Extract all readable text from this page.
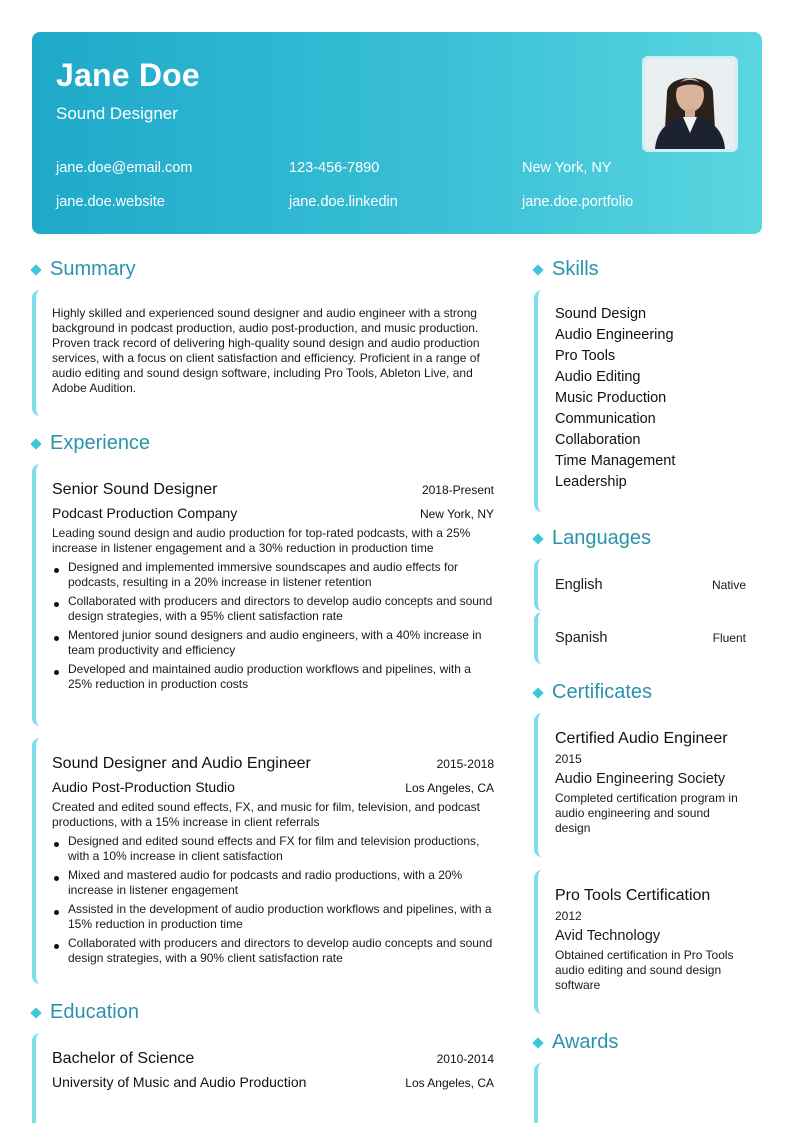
Jane Doe
Sound Designer
jane.doe@email.com	123-456-7890	New York, NY
jane.doe.website	jane.doe.linkedin	jane.doe.portfolio
Summary
Highly skilled and experienced sound designer and audio engineer with a strong background in podcast production, audio post-production, and music production. Proven track record of delivering high-quality sound design and audio production services, with a focus on client satisfaction and efficiency. Proficient in a range of audio editing and sound design software, including Pro Tools, Ableton Live, and Adobe Audition.
Experience
Senior Sound Designer	2018-Present
Podcast Production Company	New York, NY
Leading sound design and audio production for top-rated podcasts, with a 25% increase in listener engagement and a 30% reduction in production time
Designed and implemented immersive soundscapes and audio effects for podcasts, resulting in a 20% increase in listener retention
Collaborated with producers and directors to develop audio concepts and sound design strategies, with a 95% client satisfaction rate
Mentored junior sound designers and audio engineers, with a 40% increase in team productivity and efficiency
Developed and maintained audio production workflows and pipelines, with a 25% reduction in production costs
Sound Designer and Audio Engineer	2015-2018
Audio Post-Production Studio	Los Angeles, CA
Created and edited sound effects, FX, and music for film, television, and podcast productions, with a 15% increase in client referrals
Designed and edited sound effects and FX for film and television productions, with a 10% increase in client satisfaction
Mixed and mastered audio for podcasts and radio productions, with a 20% increase in listener engagement
Assisted in the development of audio production workflows and pipelines, with a 15% reduction in production time
Collaborated with producers and directors to develop audio concepts and sound design strategies, with a 90% client satisfaction rate
Education
Bachelor of Science	2010-2014
University of Music and Audio Production	Los Angeles, CA
Skills
Sound Design
Audio Engineering
Pro Tools
Audio Editing
Music Production
Communication
Collaboration
Time Management
Leadership
Languages
English	Native
Spanish	Fluent
Certificates
Certified Audio Engineer
2015
Audio Engineering Society
Completed certification program in audio engineering and sound design
Pro Tools Certification
2012
Avid Technology
Obtained certification in Pro Tools audio editing and sound design software
Awards
